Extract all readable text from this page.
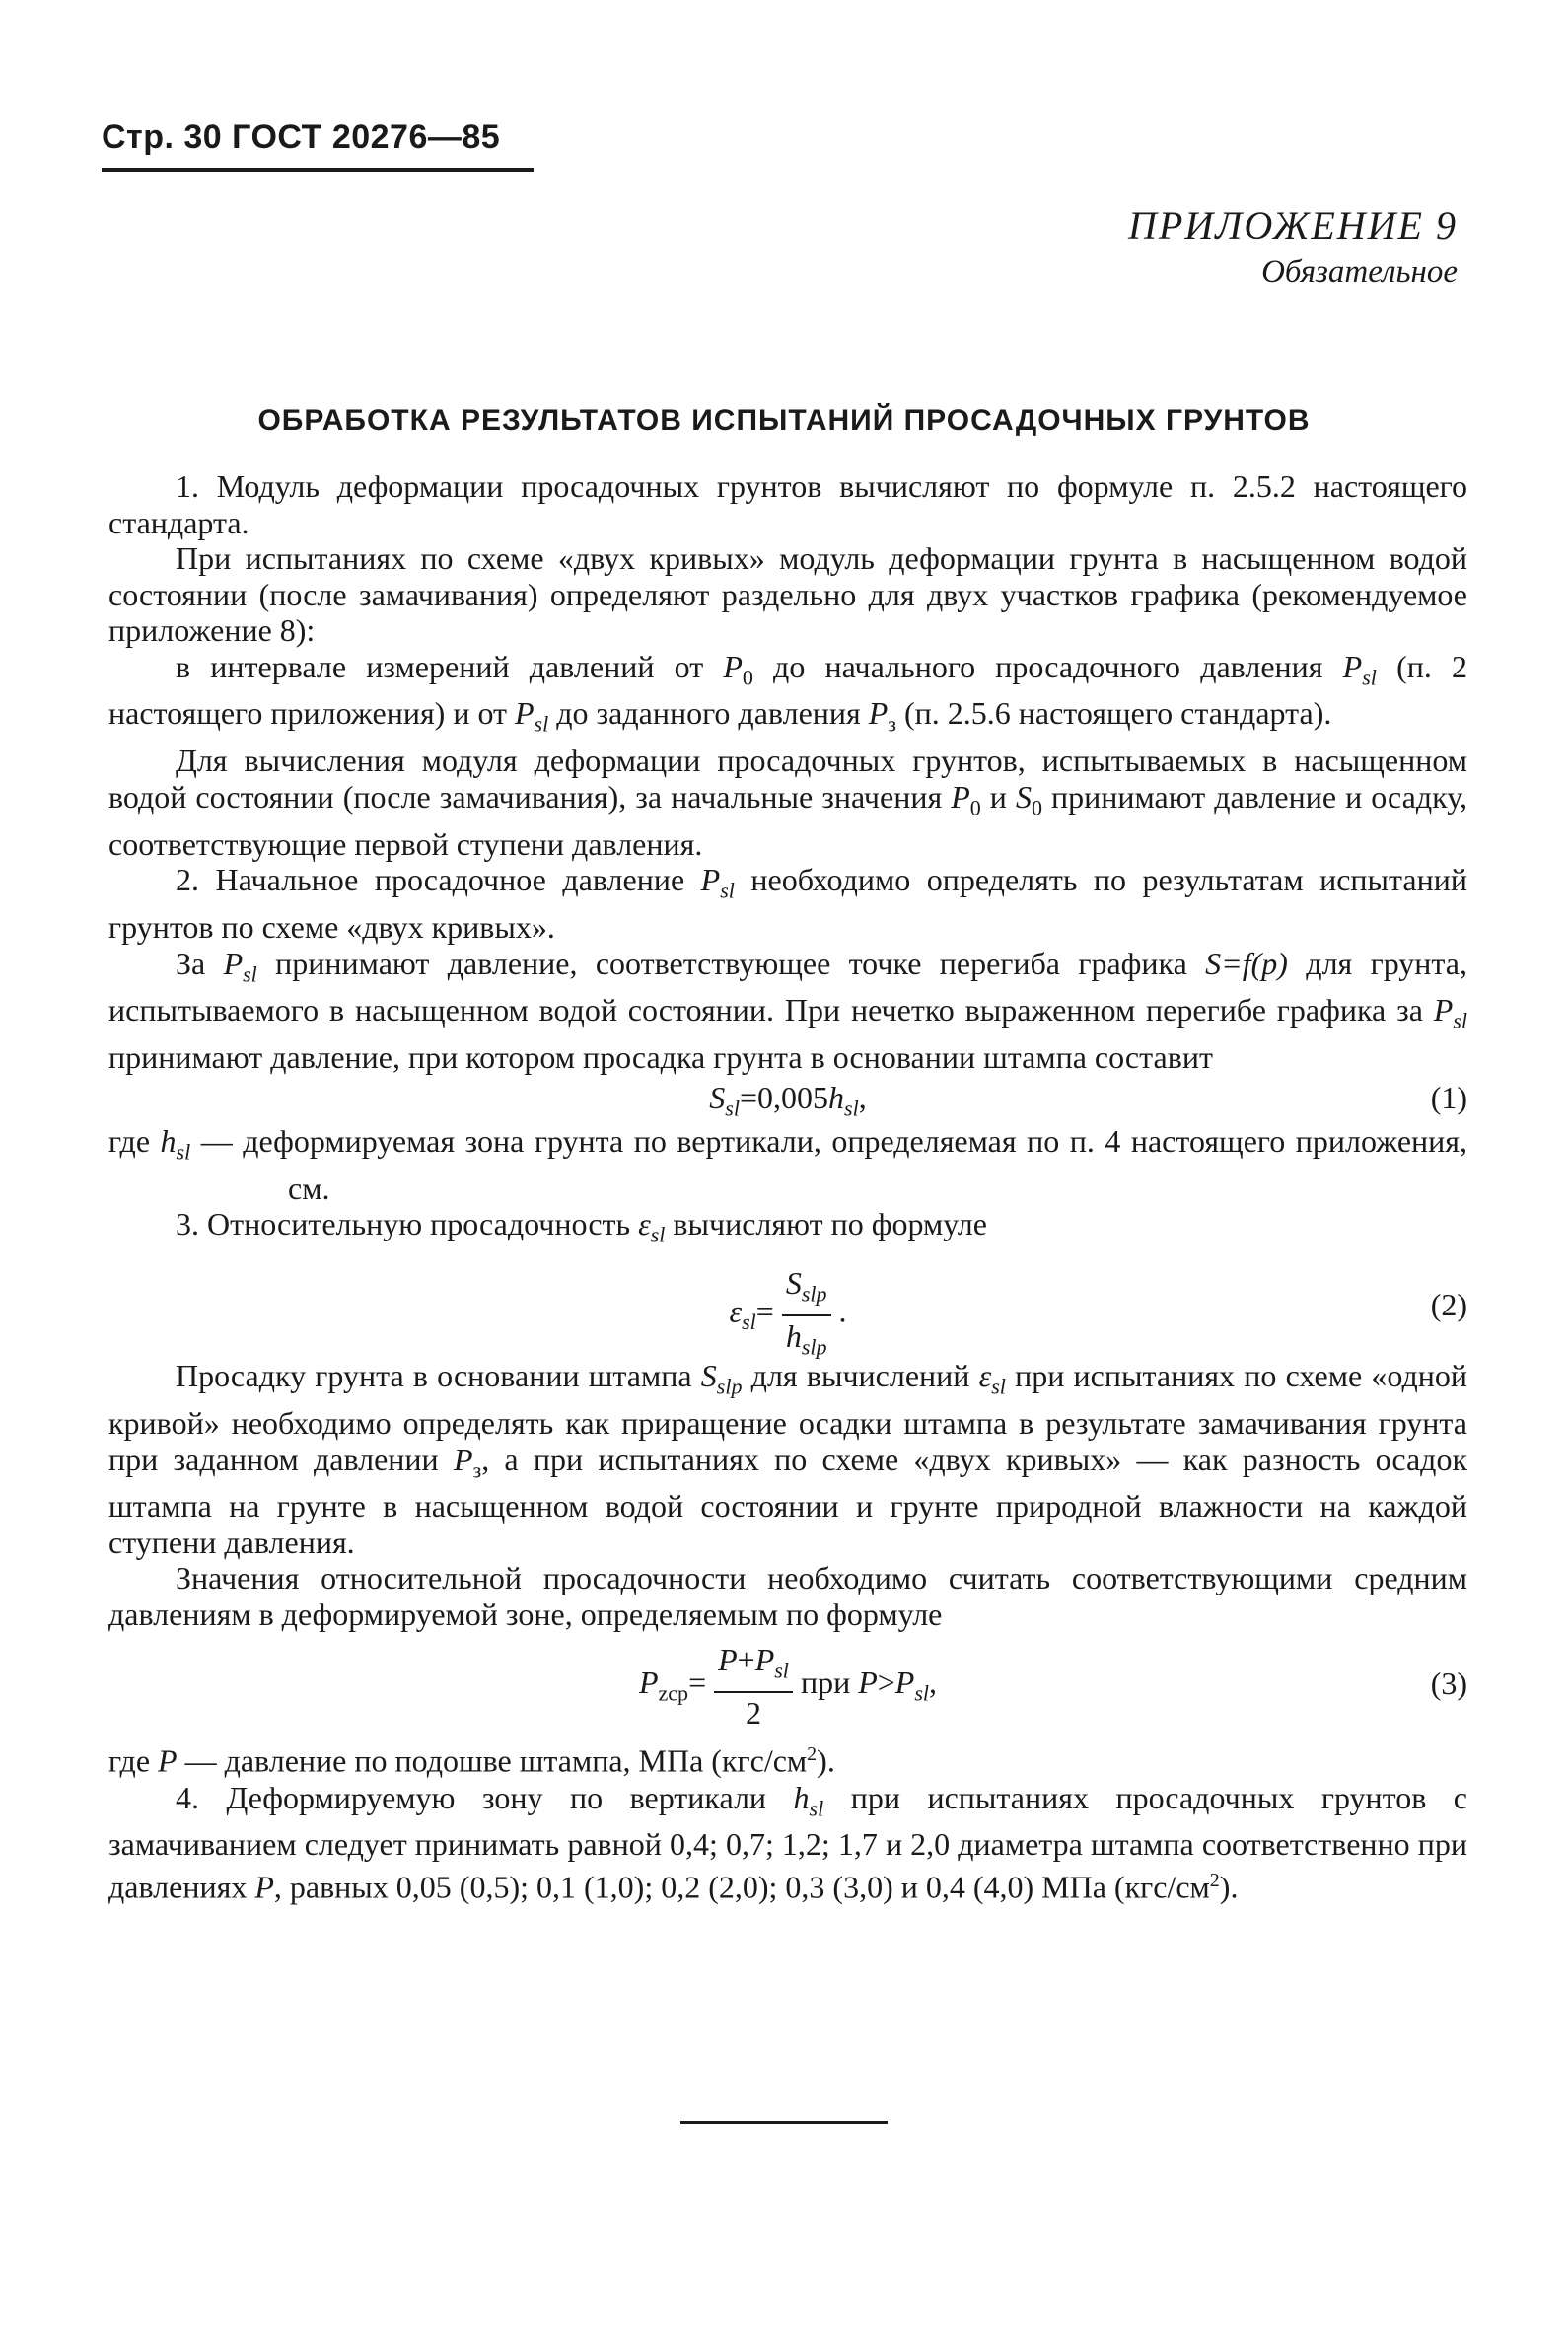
Стр. 30 ГОСТ 20276—85
ПРИЛОЖЕНИЕ 9
Обязательное
ОБРАБОТКА РЕЗУЛЬТАТОВ ИСПЫТАНИЙ ПРОСАДОЧНЫХ ГРУНТОВ

1. Модуль деформации просадочных грунтов вычисляют по формуле п. 2.5.2 настоящего стандарта.

При испытаниях по схеме «двух кривых» модуль деформации грунта в насыщенном водой состоянии (после замачивания) определяют раздельно для двух участков графика (рекомендуемое приложение 8):

в интервале измерений давлений от $P_0$ до начального просадочного давления $P_{sl}$ (п. 2 настоящего приложения) и от $P_{sl}$ до заданного давления $P_з$ (п. 2.5.6 настоящего стандарта).

Для вычисления модуля деформации просадочных грунтов, испытываемых в насыщенном водой состоянии (после замачивания), за начальные значения $P_0$ и $S_0$ принимают давление и осадку, соответствующие первой ступени давления.

2. Начальное просадочное давление $P_{sl}$ необходимо определять по результатам испытаний грунтов по схеме «двух кривых».

За $P_{sl}$ принимают давление, соответствующее точке перегиба графика S=f(p) для грунта, испытываемого в насыщенном водой состоянии. При нечетко выраженном перегибе графика за $P_{sl}$ принимают давление, при котором просадка грунта в основании штампа составит

$S_{sl}=0,005h_{sl}$,	(1)

где $h_{sl}$ — деформируемая зона грунта по вертикали, определяемая по п. 4 настоящего приложения, см.

3. Относительную просадочность $\varepsilon_{sl}$ вычисляют по формуле

$\varepsilon_{sl}= \frac{S_{slp}}{h_{slp}}$ .	(2)

Просадку грунта в основании штампа $S_{slp}$ для вычислений $\varepsilon_{sl}$ при испытаниях по схеме «одной кривой» необходимо определять как приращение осадки штампа в результате замачивания грунта при заданном давлении $P_з$, а при испытаниях по схеме «двух кривых» — как разность осадок штампа на грунте в насыщенном водой состоянии и грунте природной влажности на каждой ступени давления.

Значения относительной просадочности необходимо считать соответствующими средним давлениям в деформируемой зоне, определяемым по формуле

$P_{zср}= \frac{P+P_{sl}}{2}$ при $P>P_{sl}$,	(3)

где P — давление по подошве штампа, МПа $(кгс/см^2)$.

4. Деформируемую зону по вертикали $h_{sl}$ при испытаниях просадочных грунтов с замачиванием следует принимать равной 0,4; 0,7; 1,2; 1,7 и 2,0 диаметра штампа соответственно при давлениях P, равных 0,05 (0,5); 0,1 (1,0); 0,2 (2,0); 0,3 (3,0) и 0,4 (4,0) МПа $(кгс/см^2)$.
